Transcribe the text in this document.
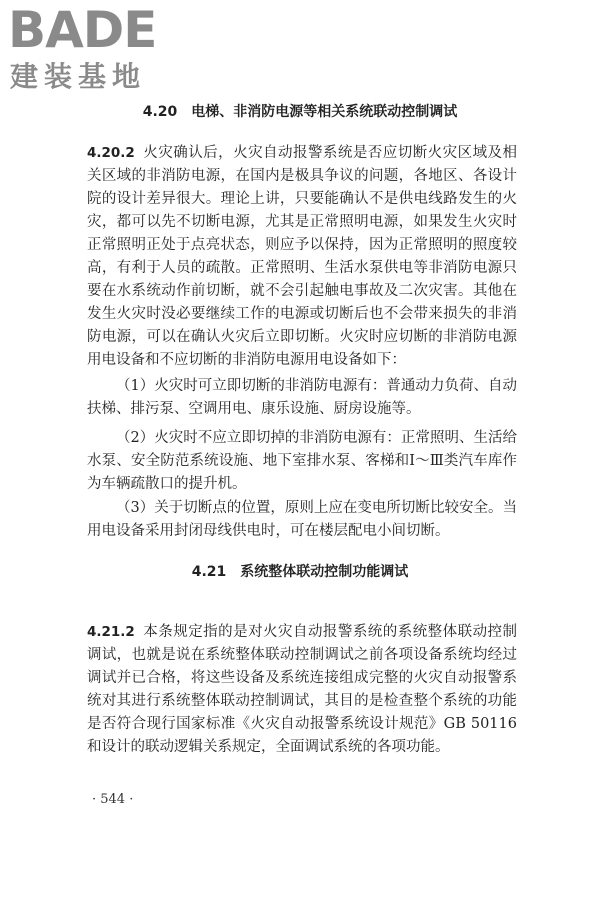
BADE
建装基地
4.20 电梯、非消防电源等相关系统联动控制调试

4.20.2 火灾确认后，火灾自动报警系统是否应切断火灾区域及相关区域的非消防电源，在国内是极具争议的问题，各地区、各设计院的设计差异很大。理论上讲，只要能确认不是供电线路发生的火灾，都可以先不切断电源，尤其是正常照明电源，如果发生火灾时正常照明正处于点亮状态，则应予以保持，因为正常照明的照度较高，有利于人员的疏散。正常照明、生活水泵供电等非消防电源只要在水系统动作前切断，就不会引起触电事故及二次灾害。其他在发生火灾时没必要继续工作的电源或切断后也不会带来损失的非消防电源，可以在确认火灾后立即切断。火灾时应切断的非消防电源用电设备和不应切断的非消防电源用电设备如下：

（1）火灾时可立即切断的非消防电源有：普通动力负荷、自动扶梯、排污泵、空调用电、康乐设施、厨房设施等。

（2）火灾时不应立即切掉的非消防电源有：正常照明、生活给水泵、安全防范系统设施、地下室排水泵、客梯和Ⅰ～Ⅲ类汽车库作为车辆疏散口的提升机。

（3）关于切断点的位置，原则上应在变电所切断比较安全。当用电设备采用封闭母线供电时，可在楼层配电小间切断。

4.21 系统整体联动控制功能调试

4.21.2 本条规定指的是对火灾自动报警系统的系统整体联动控制调试，也就是说在系统整体联动控制调试之前各项设备系统均经过调试并已合格，将这些设备及系统连接组成完整的火灾自动报警系统对其进行系统整体联动控制调试，其目的是检查整个系统的功能是否符合现行国家标准《火灾自动报警系统设计规范》GB 50116 和设计的联动逻辑关系规定，全面调试系统的各项功能。

· 544 ·
